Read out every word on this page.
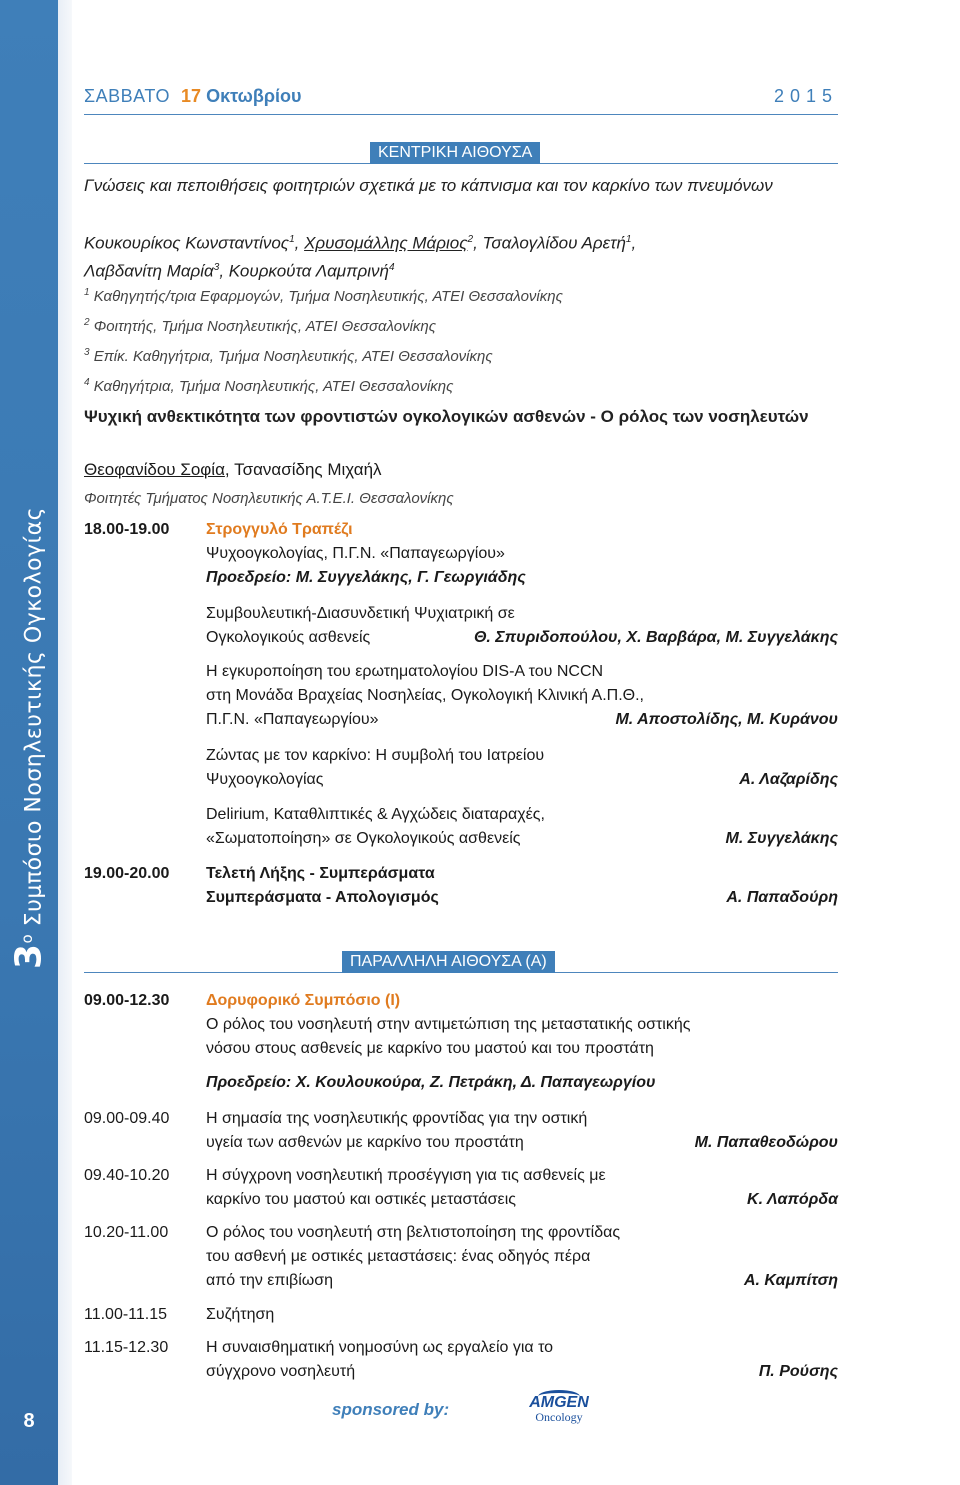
$3^o$ Συμπόσιο Νοσηλευτικής Ογκολογίας
8
ΣΑΒΒΑΤΟ 17 Οκτωβρίου	2015
ΚΕΝΤΡΙΚΗ ΑΙΘΟΥΣΑ
Γνώσεις και πεποιθήσεις φοιτητριών σχετικά με το κάπνισμα και τον καρκίνο των πνευμόνων
Κουκουρίκος Κωνσταντίνος$^1$, Χρυσομάλλης Μάριος$^2$, Τσαλογλίδου Αρετή$^1$,
Λαβδανίτη Μαρία$^3$, Κουρκούτα Λαμπρινή$^4$
$^1$ Καθηγητής/τρια Εφαρμογών, Τμήμα Νοσηλευτικής, ΑΤΕΙ Θεσσαλονίκης
$^2$ Φοιτητής, Τμήμα Νοσηλευτικής, ΑΤΕΙ Θεσσαλονίκης
$^3$ Επίκ. Καθηγήτρια, Τμήμα Νοσηλευτικής, ΑΤΕΙ Θεσσαλονίκης
$^4$ Καθηγήτρια, Τμήμα Νοσηλευτικής, ΑΤΕΙ Θεσσαλονίκης
Ψυχική ανθεκτικότητα των φροντιστών ογκολογικών ασθενών - Ο ρόλος των νοσηλευτών
Θεοφανίδου Σοφία, Τσανασίδης Μιχαήλ
Φοιτητές Τμήματος Νοσηλευτικής Α.Τ.Ε.Ι. Θεσσαλονίκης
18.00-19.00	Στρογγυλό Τραπέζι
Ψυχοογκολογίας, Π.Γ.Ν. «Παπαγεωργίου»
Προεδρείο: Μ. Συγγελάκης, Γ. Γεωργιάδης
Συμβουλευτική-Διασυνδετική Ψυχιατρική σε
Ογκολογικούς ασθενείς	Θ. Σπυριδοπούλου, Χ. Βαρβάρα, Μ. Συγγελάκης
Η εγκυροποίηση του ερωτηματολογίου DIS-A του NCCN
στη Μονάδα Βραχείας Νοσηλείας, Ογκολογική Κλινική Α.Π.Θ.,
Π.Γ.Ν. «Παπαγεωργίου»	Μ. Αποστολίδης, Μ. Κυράνου
Ζώντας με τον καρκίνο: Η συμβολή του Ιατρείου
Ψυχοογκολογίας	Α. Λαζαρίδης
Delirium, Καταθλιπτικές & Αγχώδεις διαταραχές,
«Σωματοποίηση» σε Ογκολογικούς ασθενείς	Μ. Συγγελάκης
19.00-20.00	Τελετή Λήξης - Συμπεράσματα
Συμπεράσματα - Απολογισμός	Α. Παπαδούρη
ΠΑΡΑΛΛΗΛΗ ΑΙΘΟΥΣΑ (Α)
09.00-12.30	Δορυφορικό Συμπόσιο (Ι)
Ο ρόλος του νοσηλευτή στην αντιμετώπιση της μεταστατικής οστικής
νόσου στους ασθενείς με καρκίνο του μαστού και του προστάτη
Προεδρείο: Χ. Κουλουκούρα, Ζ. Πετράκη, Δ. Παπαγεωργίου
09.00-09.40	Η σημασία της νοσηλευτικής φροντίδας για την οστική
υγεία των ασθενών με καρκίνο του προστάτη	Μ. Παπαθεοδώρου
09.40-10.20	Η σύγχρονη νοσηλευτική προσέγγιση για τις ασθενείς με
καρκίνο του μαστού και οστικές μεταστάσεις	Κ. Λαπόρδα
10.20-11.00	Ο ρόλος του νοσηλευτή στη βελτιστοποίηση της φροντίδας
του ασθενή με οστικές μεταστάσεις: ένας οδηγός πέρα
από την επιβίωση	Α. Καμπίτση
11.00-11.15	Συζήτηση
11.15-12.30	Η συναισθηματική νοημοσύνη ως εργαλείο για το
σύγχρονο νοσηλευτή	Π. Ρούσης
sponsored by:	AMGEN
Oncology
